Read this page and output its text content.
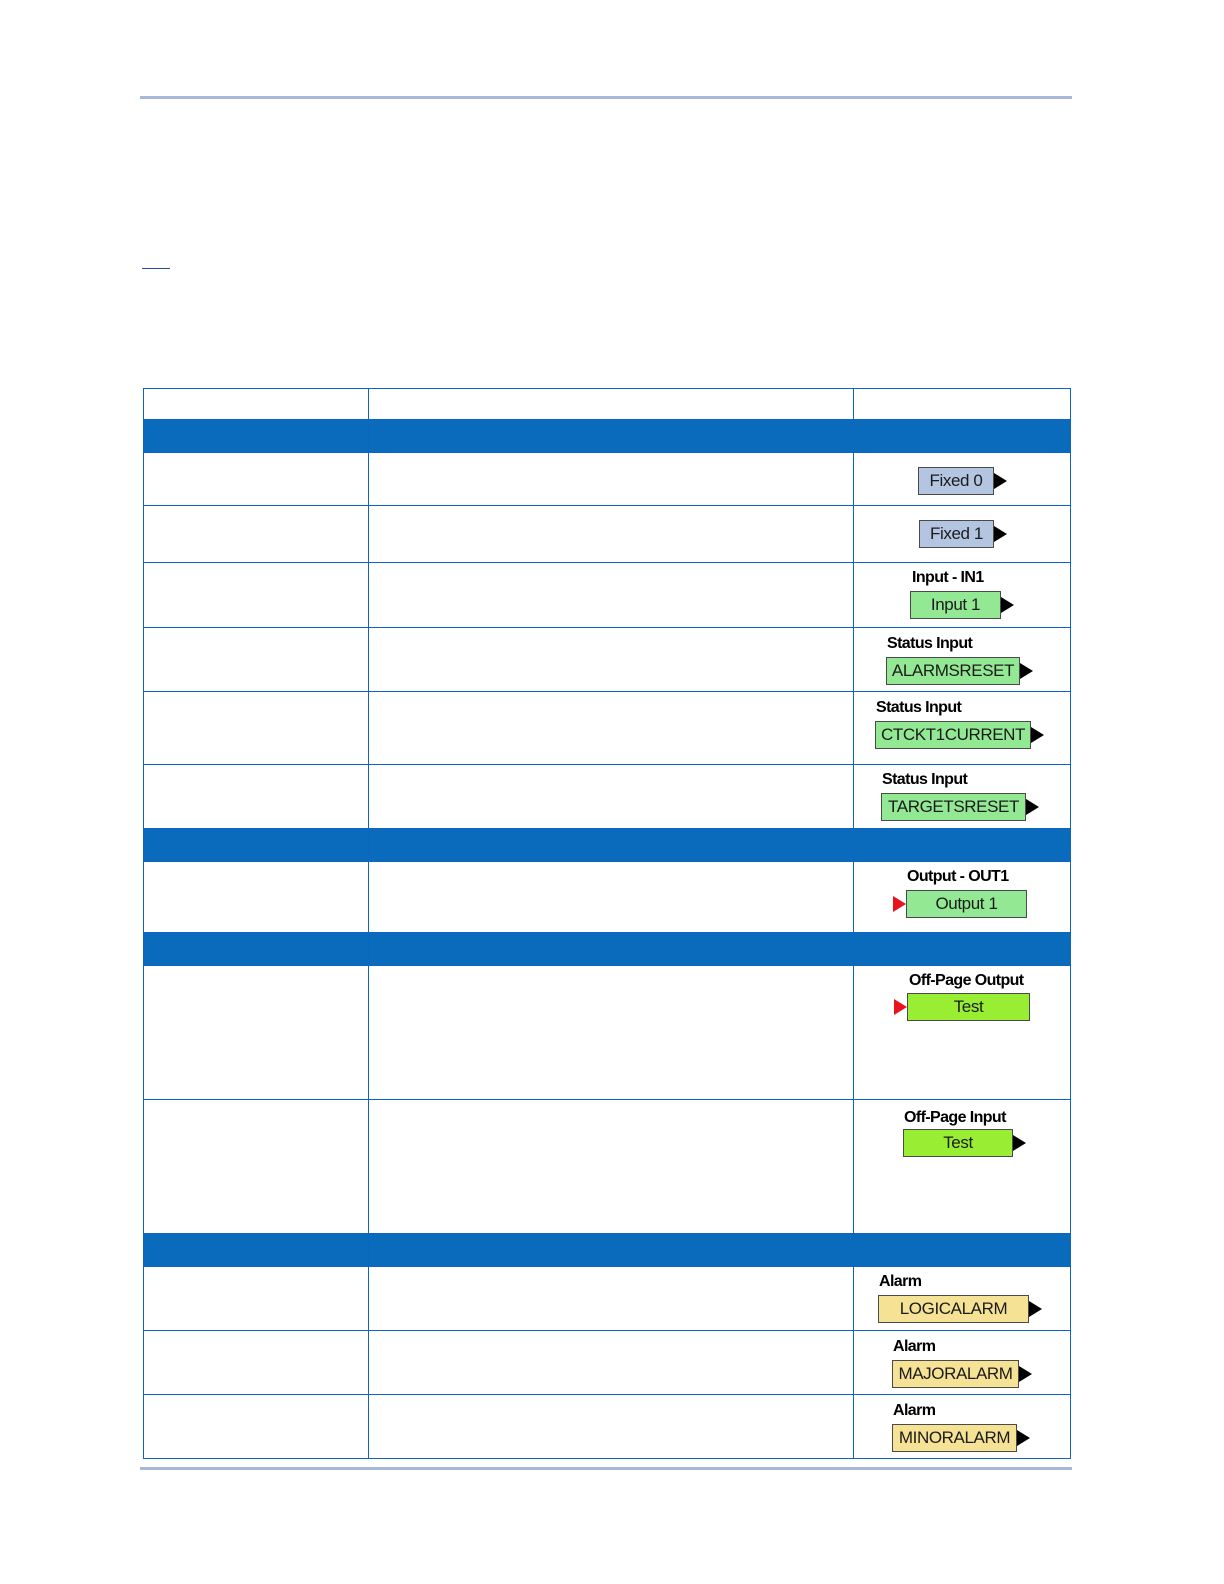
		Fixed 0

		Fixed 1

		Input - IN1
Input 1

		Status Input
ALARMSRESET

		Status Input
CTCKT1CURRENT

		Status Input
TARGETSRESET

		Output - OUT1
Output 1

		Off-Page Output
Test

		Off-Page Input
Test

		Alarm
LOGICALARM

		Alarm
MAJORALARM

		Alarm
MINORALARM
